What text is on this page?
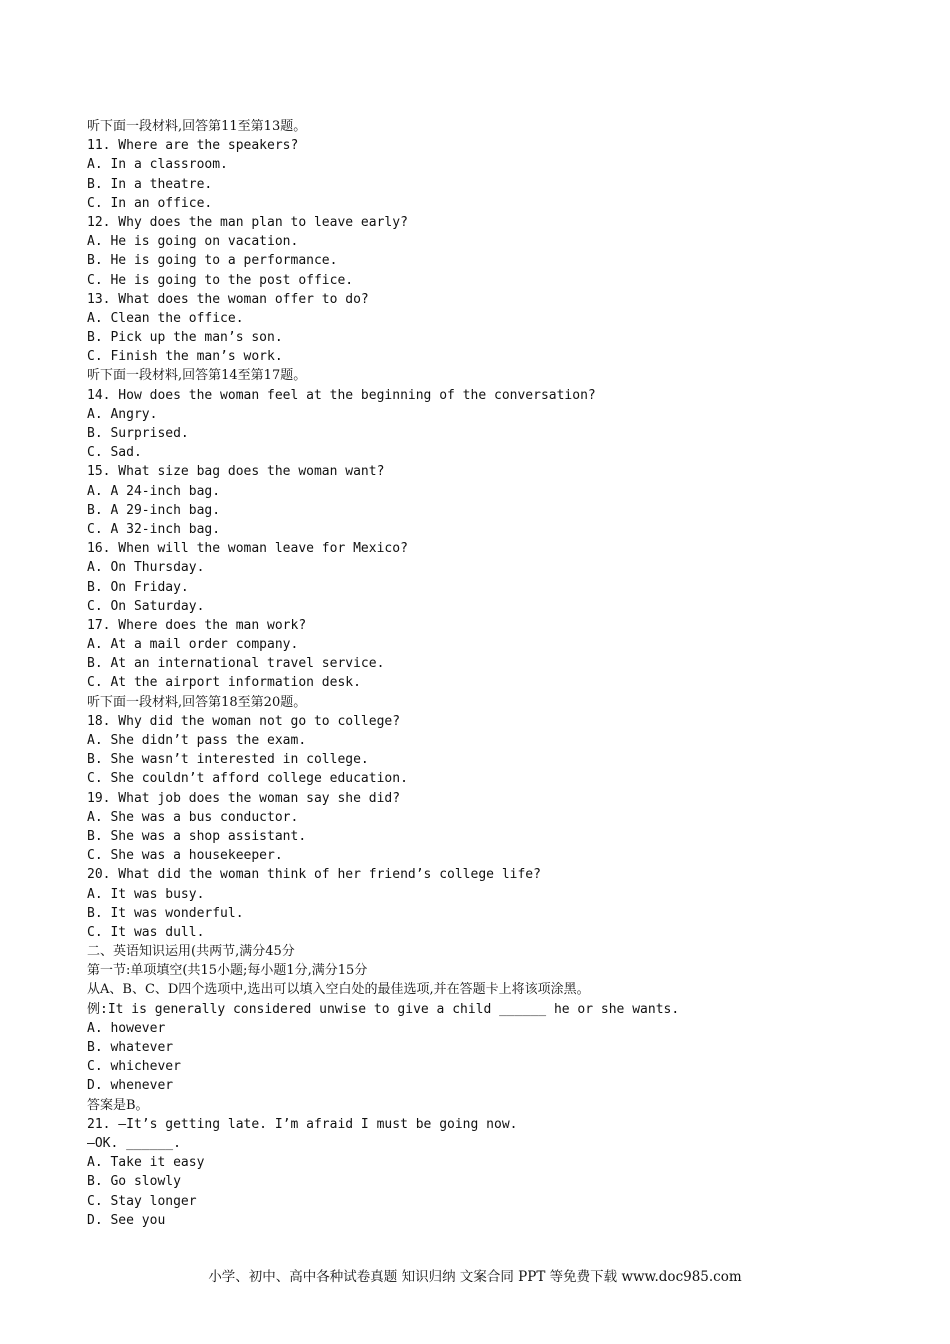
听下面一段材料,回答第11至第13题。
11. Where are the speakers?
A. In a classroom.
B. In a theatre.
C. In an office.
12. Why does the man plan to leave early?
A. He is going on vacation.
B. He is going to a performance.
C. He is going to the post office.
13. What does the woman offer to do?
A. Clean the office.
B. Pick up the man’s son.
C. Finish the man’s work.
听下面一段材料,回答第14至第17题。
14. How does the woman feel at the beginning of the conversation?
A. Angry.
B. Surprised.
C. Sad.
15. What size bag does the woman want?
A. A 24-inch bag.
B. A 29-inch bag.
C. A 32-inch bag.
16. When will the woman leave for Mexico?
A. On Thursday.
B. On Friday.
C. On Saturday.
17. Where does the man work?
A. At a mail order company.
B. At an international travel service.
C. At the airport information desk.
听下面一段材料,回答第18至第20题。
18. Why did the woman not go to college?
A. She didn’t pass the exam.
B. She wasn’t interested in college.
C. She couldn’t afford college education.
19. What job does the woman say she did?
A. She was a bus conductor.
B. She was a shop assistant.
C. She was a housekeeper.
20. What did the woman think of her friend’s college life?
A. It was busy.
B. It was wonderful.
C. It was dull.
二、英语知识运用(共两节,满分45分
第一节:单项填空(共15小题;每小题1分,满分15分
从A、B、C、D四个选项中,选出可以填入空白处的最佳选项,并在答题卡上将该项涂黑。
例:It is generally considered unwise to give a child ______ he or she wants.
A. however
B. whatever
C. whichever
D. whenever
答案是B。
21. —It’s getting late. I’m afraid I must be going now.
—OK. ______.
A. Take it easy
B. Go slowly
C. Stay longer
D. See you
小学、初中、高中各种试卷真题 知识归纳 文案合同 PPT 等免费下载 www.doc985.com
